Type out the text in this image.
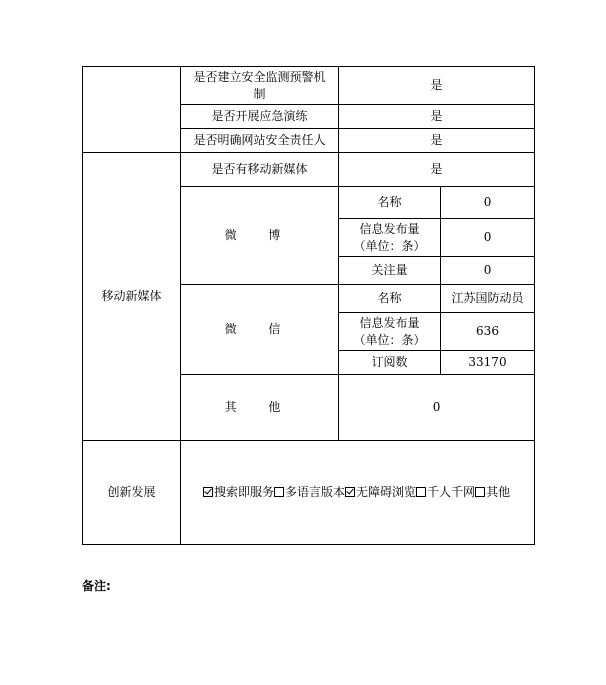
	是否建立安全监测预警机制	是	
	是否开展应急演练	是	
	是否明确网站安全责任人	是	
移动新媒体	是否有移动新媒体	是	
	微 博	名称	0
		信息发布量（单位：条）	0
		关注量	0
	微 信	名称	江苏国防动员
		信息发布量（单位：条）	636
		订阅数	33170
	其 他	0	
创新发展	搜索即服务 多语言版本 无障碍浏览 千人千网 其他		
备注:
